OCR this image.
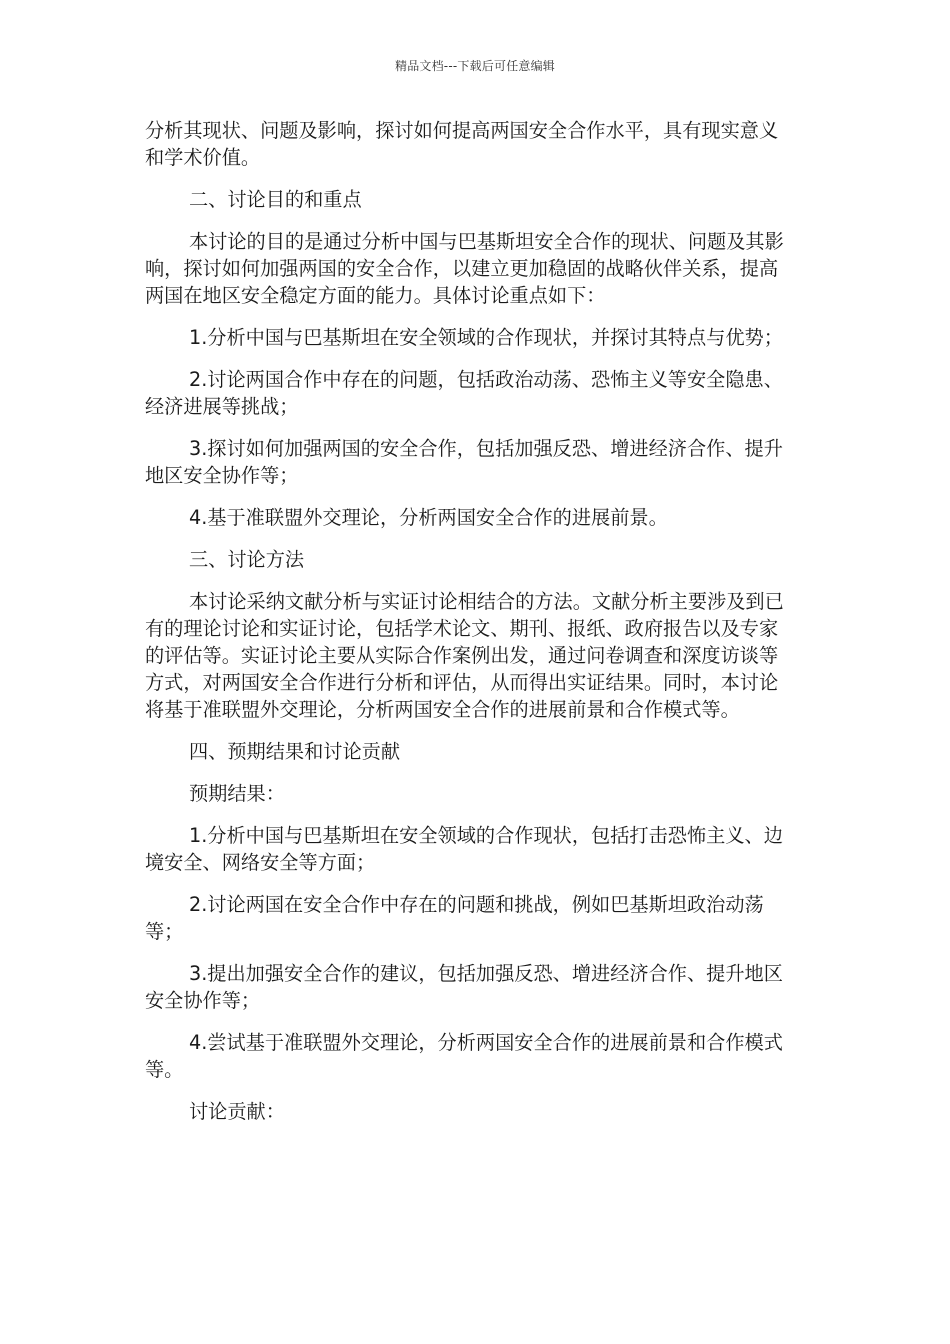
精品文档---下载后可任意编辑

分析其现状、问题及影响，探讨如何提高两国安全合作水平，具有现实意义和学术价值。

二、讨论目的和重点

本讨论的目的是通过分析中国与巴基斯坦安全合作的现状、问题及其影响，探讨如何加强两国的安全合作，以建立更加稳固的战略伙伴关系，提高两国在地区安全稳定方面的能力。具体讨论重点如下：

1.分析中国与巴基斯坦在安全领域的合作现状，并探讨其特点与优势；

2.讨论两国合作中存在的问题，包括政治动荡、恐怖主义等安全隐患、经济进展等挑战；

3.探讨如何加强两国的安全合作，包括加强反恐、增进经济合作、提升地区安全协作等；

4.基于准联盟外交理论，分析两国安全合作的进展前景。

三、讨论方法

本讨论采纳文献分析与实证讨论相结合的方法。文献分析主要涉及到已有的理论讨论和实证讨论，包括学术论文、期刊、报纸、政府报告以及专家的评估等。实证讨论主要从实际合作案例出发，通过问卷调查和深度访谈等方式，对两国安全合作进行分析和评估，从而得出实证结果。同时，本讨论将基于准联盟外交理论，分析两国安全合作的进展前景和合作模式等。

四、预期结果和讨论贡献

预期结果：

1.分析中国与巴基斯坦在安全领域的合作现状，包括打击恐怖主义、边境安全、网络安全等方面；

2.讨论两国在安全合作中存在的问题和挑战，例如巴基斯坦政治动荡等；

3.提出加强安全合作的建议，包括加强反恐、增进经济合作、提升地区安全协作等；

4.尝试基于准联盟外交理论，分析两国安全合作的进展前景和合作模式等。

讨论贡献：
